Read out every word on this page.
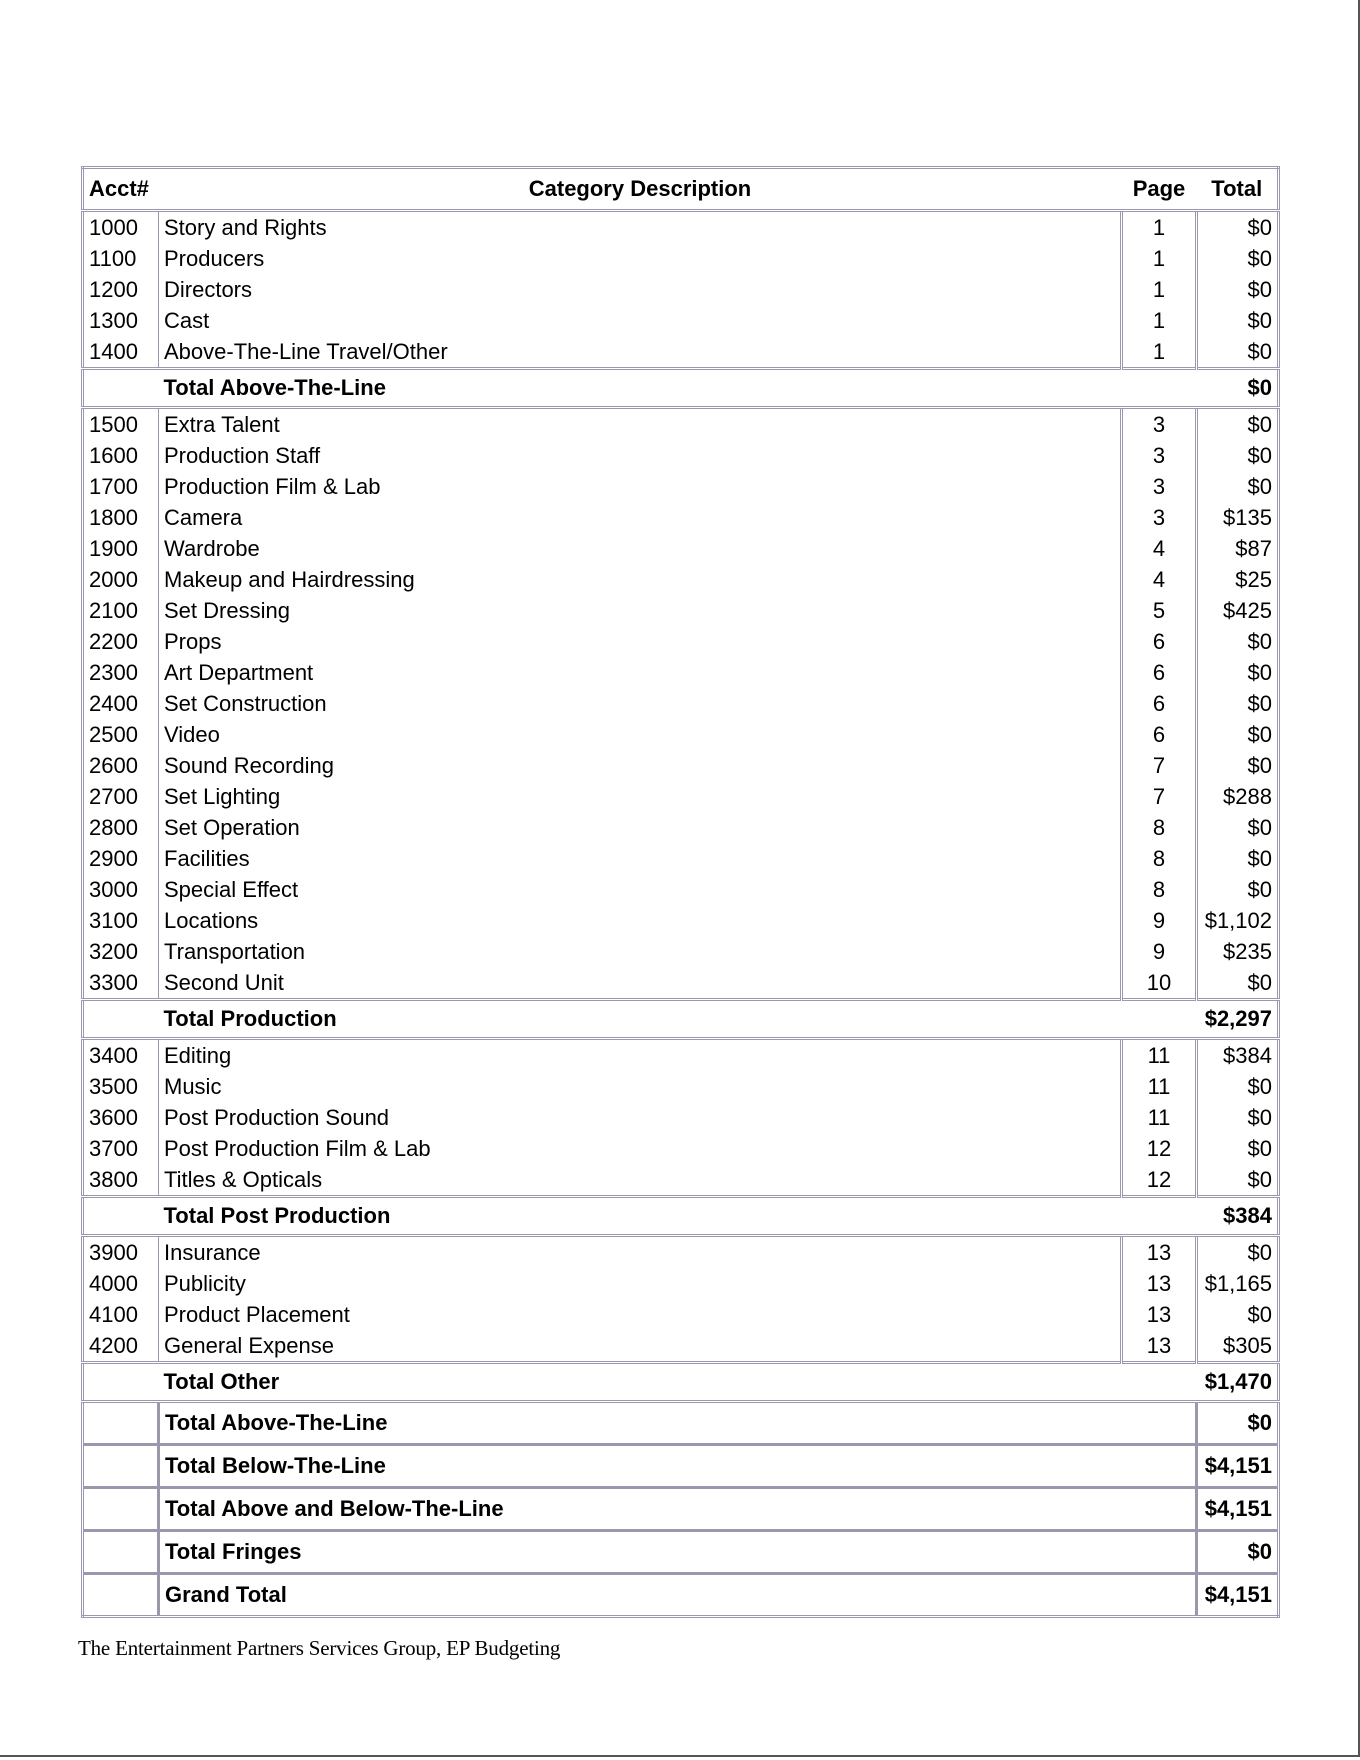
Acct#	Category Description	Page	Total
1000	Story and Rights	1	$0
1100	Producers	1	$0
1200	Directors	1	$0
1300	Cast	1	$0
1400	Above-The-Line Travel/Other	1	$0
	Total Above-The-Line		$0
1500	Extra Talent	3	$0
1600	Production Staff	3	$0
1700	Production Film & Lab	3	$0
1800	Camera	3	$135
1900	Wardrobe	4	$87
2000	Makeup and Hairdressing	4	$25
2100	Set Dressing	5	$425
2200	Props	6	$0
2300	Art Department	6	$0
2400	Set Construction	6	$0
2500	Video	6	$0
2600	Sound Recording	7	$0
2700	Set Lighting	7	$288
2800	Set Operation	8	$0
2900	Facilities	8	$0
3000	Special Effect	8	$0
3100	Locations	9	$1,102
3200	Transportation	9	$235
3300	Second Unit	10	$0
	Total Production		$2,297
3400	Editing	11	$384
3500	Music	11	$0
3600	Post Production Sound	11	$0
3700	Post Production Film & Lab	12	$0
3800	Titles & Opticals	12	$0
	Total Post Production		$384
3900	Insurance	13	$0
4000	Publicity	13	$1,165
4100	Product Placement	13	$0
4200	General Expense	13	$305
	Total Other		$1,470
	Total Above-The-Line		$0
	Total Below-The-Line		$4,151
	Total Above and Below-The-Line		$4,151
	Total Fringes		$0
	Grand Total		$4,151
The Entertainment Partners Services Group, EP Budgeting
